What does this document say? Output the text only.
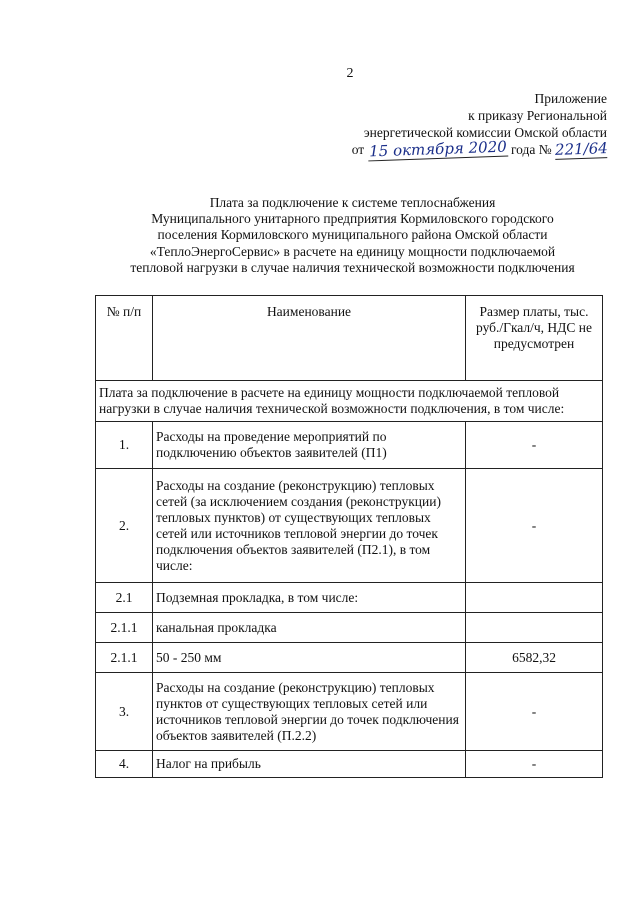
2
Приложение
к приказу Региональной
энергетической комиссии Омской области
от 15 октября 2020 года № 221/64
Плата за подключение к системе теплоснабжения
Муниципального унитарного предприятия Кормиловского городского
поселения Кормиловского муниципального района Омской области
«ТеплоЭнергоСервис» в расчете на единицу мощности подключаемой
тепловой нагрузки в случае наличия технической возможности подключения
№ п/п	Наименование	Размер платы, тыс. руб./Гкал/ч, НДС не предусмотрен
Плата за подключение в расчете на единицу мощности подключаемой тепловой нагрузки в случае наличия технической возможности подключения, в том числе:		
1.	Расходы на проведение мероприятий по подключению объектов заявителей (П1)	-
2.	Расходы на создание (реконструкцию) тепловых сетей (за исключением создания (реконструкции) тепловых пунктов) от существующих тепловых сетей или источников тепловой энергии до точек подключения объектов заявителей (П2.1), в том числе:	-
2.1	Подземная прокладка, в том числе:	
2.1.1	канальная прокладка	
2.1.1	50 - 250 мм	6582,32
3.	Расходы на создание (реконструкцию) тепловых пунктов от существующих тепловых сетей или источников тепловой энергии до точек подключения объектов заявителей (П.2.2)	-
4.	Налог на прибыль	-
